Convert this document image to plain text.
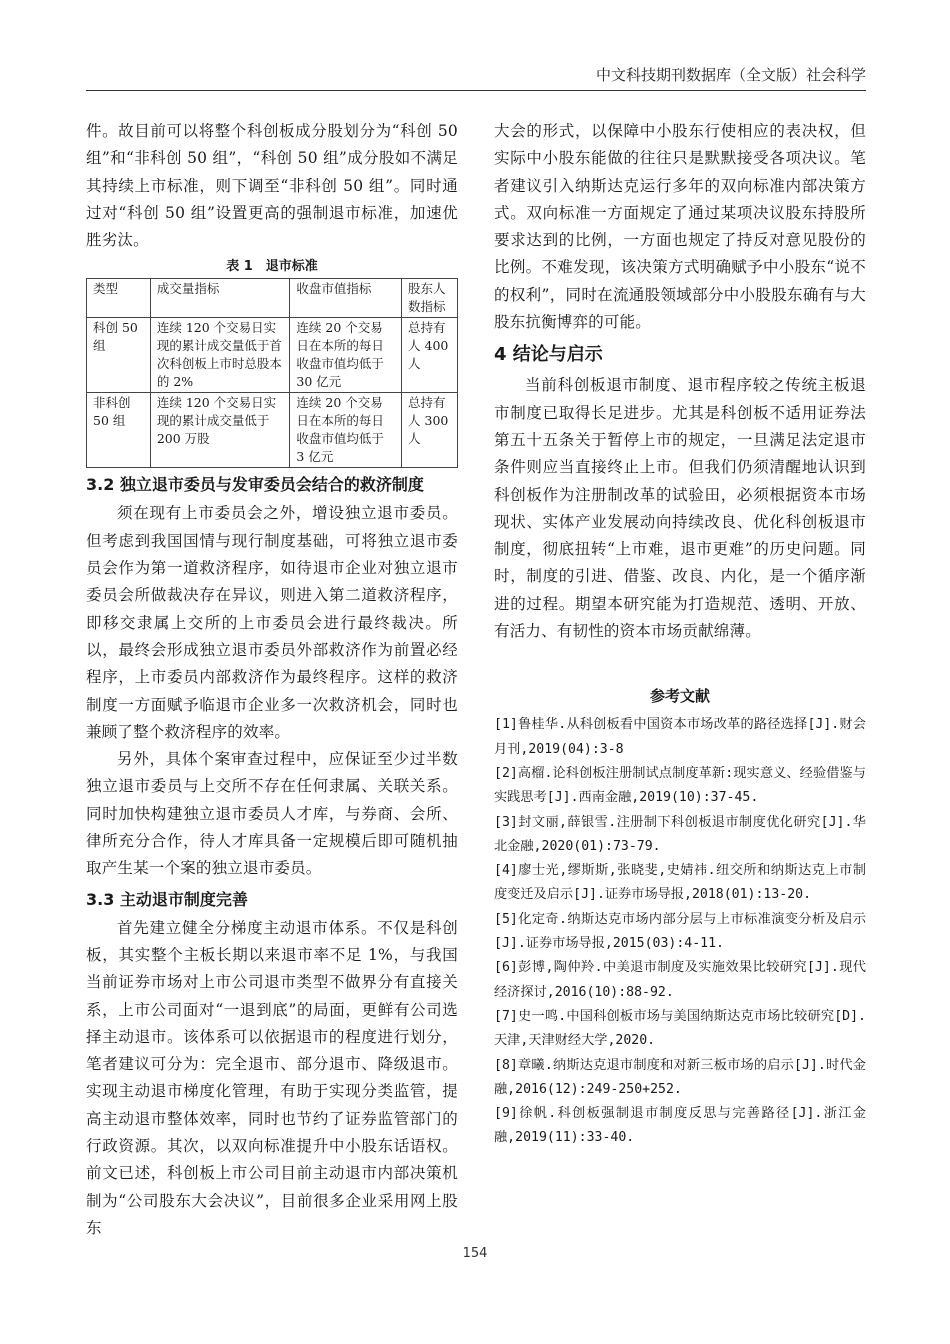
中文科技期刊数据库（全文版）社会科学

件。故目前可以将整个科创板成分股划分为“科创 50 组”和“非科创 50 组”，“科创 50 组”成分股如不满足其持续上市标准，则下调至“非科创 50 组”。同时通过对“科创 50 组”设置更高的强制退市标准，加速优胜劣汰。

表 1　退市标准
类型	成交量指标	收盘市值指标	股东人数指标
科创 50 组	连续 120 个交易日实现的累计成交量低于首次科创板上市时总股本的 2%	连续 20 个交易日在本所的每日收盘市值均低于 30 亿元	总持有人 400 人
非科创 50 组	连续 120 个交易日实现的累计成交量低于 200 万股	连续 20 个交易日在本所的每日收盘市值均低于 3 亿元	总持有人 300 人
3.2 独立退市委员与发审委员会结合的救济制度

须在现有上市委员会之外，增设独立退市委员。但考虑到我国国情与现行制度基础，可将独立退市委员会作为第一道救济程序，如待退市企业对独立退市委员会所做裁决存在异议，则进入第二道救济程序，即移交隶属上交所的上市委员会进行最终裁决。所以，最终会形成独立退市委员外部救济作为前置必经程序，上市委员内部救济作为最终程序。这样的救济制度一方面赋予临退市企业多一次救济机会，同时也兼顾了整个救济程序的效率。

另外，具体个案审查过程中，应保证至少过半数独立退市委员与上交所不存在任何隶属、关联关系。同时加快构建独立退市委员人才库，与券商、会所、律所充分合作，待人才库具备一定规模后即可随机抽取产生某一个案的独立退市委员。

3.3 主动退市制度完善

首先建立健全分梯度主动退市体系。不仅是科创板，其实整个主板长期以来退市率不足 1%，与我国当前证券市场对上市公司退市类型不做界分有直接关系，上市公司面对“一退到底”的局面，更鲜有公司选择主动退市。该体系可以依据退市的程度进行划分，笔者建议可分为：完全退市、部分退市、降级退市。实现主动退市梯度化管理，有助于实现分类监管，提高主动退市整体效率，同时也节约了证券监管部门的行政资源。其次，以双向标准提升中小股东话语权。前文已述，科创板上市公司目前主动退市内部决策机制为“公司股东大会决议”，目前很多企业采用网上股东

大会的形式，以保障中小股东行使相应的表决权，但实际中小股东能做的往往只是默默接受各项决议。笔者建议引入纳斯达克运行多年的双向标准内部决策方式。双向标准一方面规定了通过某项决议股东持股所要求达到的比例，一方面也规定了持反对意见股份的比例。不难发现，该决策方式明确赋予中小股东“说不的权利”，同时在流通股领域部分中小股股东确有与大股东抗衡博弈的可能。

4 结论与启示

当前科创板退市制度、退市程序较之传统主板退市制度已取得长足进步。尤其是科创板不适用证券法第五十五条关于暂停上市的规定，一旦满足法定退市条件则应当直接终止上市。但我们仍须清醒地认识到科创板作为注册制改革的试验田，必须根据资本市场现状、实体产业发展动向持续改良、优化科创板退市制度，彻底扭转“上市难，退市更难”的历史问题。同时，制度的引进、借鉴、改良、内化，是一个循序渐进的过程。期望本研究能为打造规范、透明、开放、有活力、有韧性的资本市场贡献绵薄。

参考文献

[1]鲁桂华.从科创板看中国资本市场改革的路径选择[J].财会月刊,2019(04):3-8

[2]高榴.论科创板注册制试点制度革新:现实意义、经验借鉴与实践思考[J].西南金融,2019(10):37-45.

[3]封文丽,薛银雪.注册制下科创板退市制度优化研究[J].华北金融,2020(01):73-79.

[4]廖士光,缪斯斯,张晓斐,史婧祎.纽交所和纳斯达克上市制度变迁及启示[J].证券市场导报,2018(01):13-20.

[5]化定奇.纳斯达克市场内部分层与上市标准演变分析及启示[J].证券市场导报,2015(03):4-11.

[6]彭博,陶仲羚.中美退市制度及实施效果比较研究[J].现代经济探讨,2016(10):88-92.

[7]史一鸣.中国科创板市场与美国纳斯达克市场比较研究[D].天津,天津财经大学,2020.

[8]章曦.纳斯达克退市制度和对新三板市场的启示[J].时代金融,2016(12):249-250+252.

[9]徐帆.科创板强制退市制度反思与完善路径[J].浙江金融,2019(11):33-40.

154
